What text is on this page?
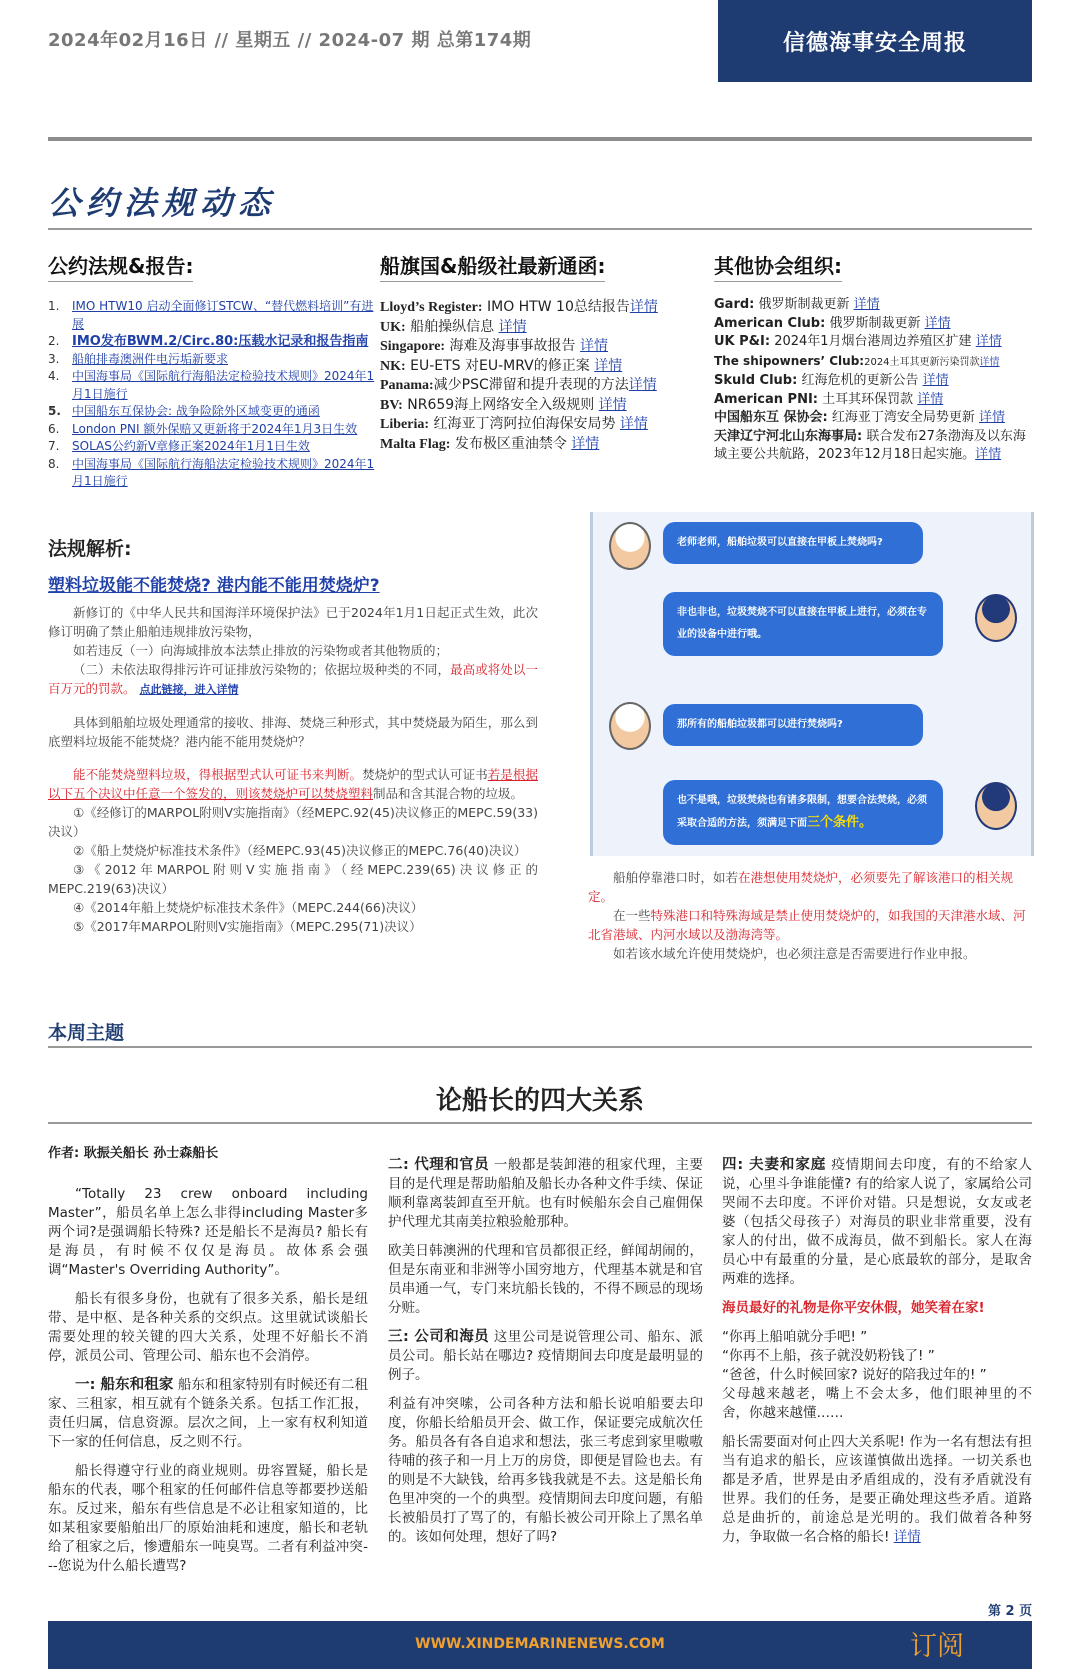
2024年02月16日 // 星期五 // 2024-07 期 总第174期	信德海事安全周报
公约法规动态
公约法规&报告:	船旗国&船级社最新通函:	其他协会组织:
1.	IMO HTW10 启动全面修订STCW、“替代燃料培训”有进展
2. IMO发布BWM.2/Circ.80:压载水记录和报告指南
3.	船舶排毒澳洲件电污垢新要求
4.	中国海事局《国际航行海船法定检验技术规则》2024年1月1日施行
5. 中国船东互保协会: 战争险除外区域变更的通函
6.	London PNI 额外保赔又更新将于2024年1月3日生效
7.	SOLAS公约新V章修正案2024年1月1日生效
8.	中国海事局《国际航行海船法定检验技术规则》2024年1月1日施行
Lloyd’s Register: IMO HTW 10总结报告详情
UK: 船舶操纵信息 详情
Singapore: 海难及海事事故报告 详情
NK: EU-ETS 对EU-MRV的修正案 详情
Panama:减少PSC滞留和提升表现的方法详情
BV: NR659海上网络安全入级规则 详情
Liberia: 红海亚丁湾阿拉伯海保安局势 详情
Malta Flag: 发布极区重油禁令 详情
Gard: 俄罗斯制裁更新 详情
American Club: 俄罗斯制裁更新 详情
UK P&I: 2024年1月烟台港周边养殖区扩建 详情
The shipowners’ Club:2024土耳其更新污染罚款详情
Skuld Club: 红海危机的更新公告 详情
American PNI: 土耳其环保罚款 详情
中国船东互 保协会: 红海亚丁湾安全局势更新 详情
天津辽宁河北山东海事局: 联合发布27条渤海及以东海域主要公共航路，2023年12月18日起实施。详情
法规解析:
塑料垃圾能不能焚烧? 港内能不能用焚烧炉?

新修订的《中华人民共和国海洋环境保护法》已于2024年1月1日起正式生效，此次修订明确了禁止船舶违规排放污染物，

如若违反（一）向海域排放本法禁止排放的污染物或者其他物质的；

（二）未依法取得排污许可证排放污染物的；依据垃圾种类的不同，最高或将处以一百万元的罚款。 点此链接，进入详情

具体到船舶垃圾处理通常的接收、排海、焚烧三种形式，其中焚烧最为陌生，那么到底塑料垃圾能不能焚烧？港内能不能用焚烧炉？

能不能焚烧塑料垃圾，得根据型式认可证书来判断。焚烧炉的型式认可证书若是根据以下五个决议中任意一个签发的，则该焚烧炉可以焚烧塑料制品和含其混合物的垃圾。

①《经修订的MARPOL附则V实施指南》（经MEPC.92(45)决议修正的MEPC.59(33)决议）

②《船上焚烧炉标准技术条件》（经MEPC.93(45)决议修正的MEPC.76(40)决议）

③《2012年MARPOL附则V实施指南》（经MEPC.239(65)决议修正的MEPC.219(63)决议）

④《2014年船上焚烧炉标准技术条件》（MEPC.244(66)决议）

⑤《2017年MARPOL附则V实施指南》（MEPC.295(71)决议）

老师老师，船舶垃圾可以直接在甲板上焚烧吗?
非也非也，垃圾焚烧不可以直接在甲板上进行，必须在专业的设备中进行哦。
那所有的船舶垃圾都可以进行焚烧吗?
也不是哦，垃圾焚烧也有诸多限制，想要合法焚烧，必须采取合适的方法，须满足下面三个条件。

船舶停靠港口时，如若在港想使用焚烧炉，必须要先了解该港口的相关规定。

在一些特殊港口和特殊海域是禁止使用焚烧炉的，如我国的天津港水域、河北省港域、内河水域以及渤海湾等。

如若该水域允许使用焚烧炉，也必须注意是否需要进行作业申报。

本周主题
论船长的四大关系
作者: 耿振关船长 孙士森船长

“Totally 23 crew onboard including Master”，船员名单上怎么非得including Master多两个词?是强调船长特殊? 还是船长不是海员? 船长有是海员，有时候不仅仅是海员。故体系会强调“Master's Overriding Authority”。

船长有很多身份，也就有了很多关系，船长是纽带、是中枢、是各种关系的交织点。这里就试谈船长需要处理的较关键的四大关系，处理不好船长不消停，派员公司、管理公司、船东也不会消停。

一: 船东和租家 船东和租家特别有时候还有二租家、三租家，相互就有个链条关系。包括工作汇报，责任归属，信息资源。层次之间，上一家有权利知道下一家的任何信息，反之则不行。

船长得遵守行业的商业规则。毋容置疑，船长是船东的代表，哪个租家的任何邮件信息等都要抄送船东。反过来，船东有些信息是不必让租家知道的，比如某租家要船舶出厂的原始油耗和速度，船长和老轨给了租家之后，惨遭船东一吨臭骂。二者有利益冲突---您说为什么船长遭骂?

二: 代理和官员 一般都是装卸港的租家代理，主要目的是代理是帮助船舶及船长办各种文件手续、保证顺利靠离装卸直至开航。也有时候船东会自己雇佣保护代理尤其南美拉粮验舱那种。

欧美日韩澳洲的代理和官员都很正经，鲜闻胡闹的，但是东南亚和非洲等小国穷地方，代理基本就是和官员串通一气，专门来坑船长钱的，不得不顾忌的现场分赃。

三: 公司和海员 这里公司是说管理公司、船东、派员公司。船长站在哪边? 疫情期间去印度是最明显的例子。

利益有冲突嗦，公司各种方法和船长说咱船要去印度，你船长给船员开会、做工作，保证要完成航次任务。船员各有各自追求和想法，张三考虑到家里嗷嗷待哺的孩子和一月上万的房贷，即便是冒险也去。有的则是不大缺钱，给再多钱我就是不去。这是船长角色里冲突的一个的典型。疫情期间去印度问题，有船长被船员打了骂了的，有船长被公司开除上了黑名单的。该如何处理，想好了吗?

四: 夫妻和家庭 疫情期间去印度，有的不给家人说，心里斗争谁能懂? 有的给家人说了，家属给公司哭闹不去印度。不评价对错。只是想说，女友或老婆（包括父母孩子）对海员的职业非常重要，没有家人的付出，做不成海员，做不到船长。家人在海员心中有最重的分量，是心底最软的部分，是取舍两难的选择。

海员最好的礼物是你平安休假，她笑着在家!

“你再上船咱就分手吧! ”
“你再不上船，孩子就没奶粉钱了! ”
“爸爸，什么时候回家? 说好的陪我过年的! ”
父母越来越老，嘴上不会太多，他们眼神里的不舍，你越来越懂……

船长需要面对何止四大关系呢! 作为一名有想法有担当有追求的船长，应该谨慎做出选择。一切关系也都是矛盾，世界是由矛盾组成的，没有矛盾就没有世界。我们的任务，是要正确处理这些矛盾。道路总是曲折的，前途总是光明的。我们做着各种努力，争取做一名合格的船长! 详情

第 2 页
WWW.XINDEMARINENEWS.COM	订阅
